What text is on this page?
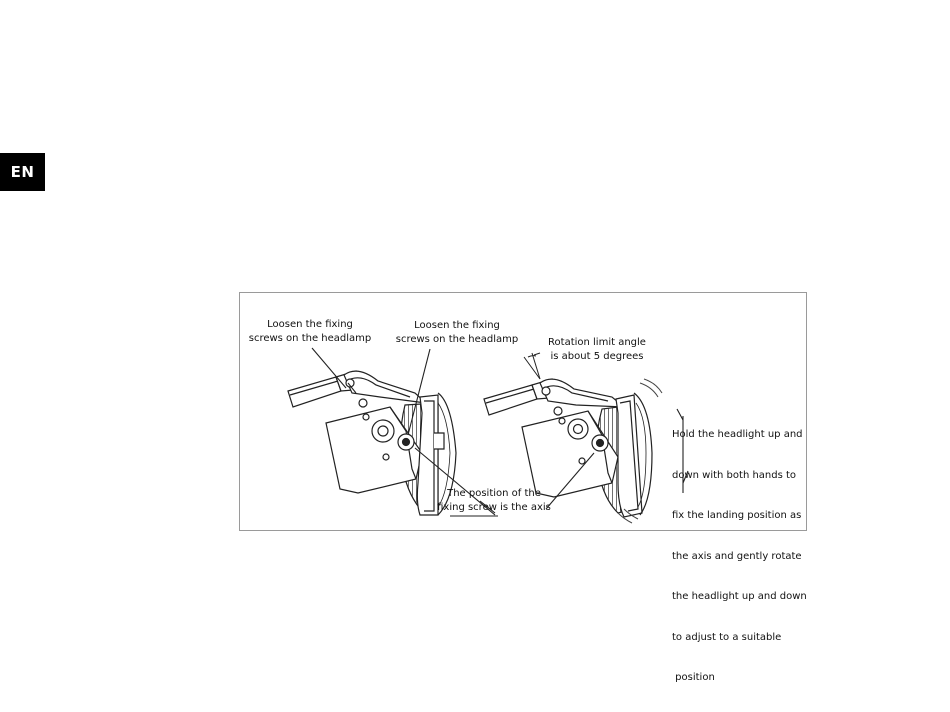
EN
Loosen the fixing
screws on the headlamp
Loosen the fixing
screws on the headlamp	Rotation limit angle
is about 5 degrees
The position of the
fixing screw is the axis

Hold the headlight up and

down with both hands to

fix the landing position as

the axis and gently rotate

the headlight up and down

to adjust to a suitable

position
